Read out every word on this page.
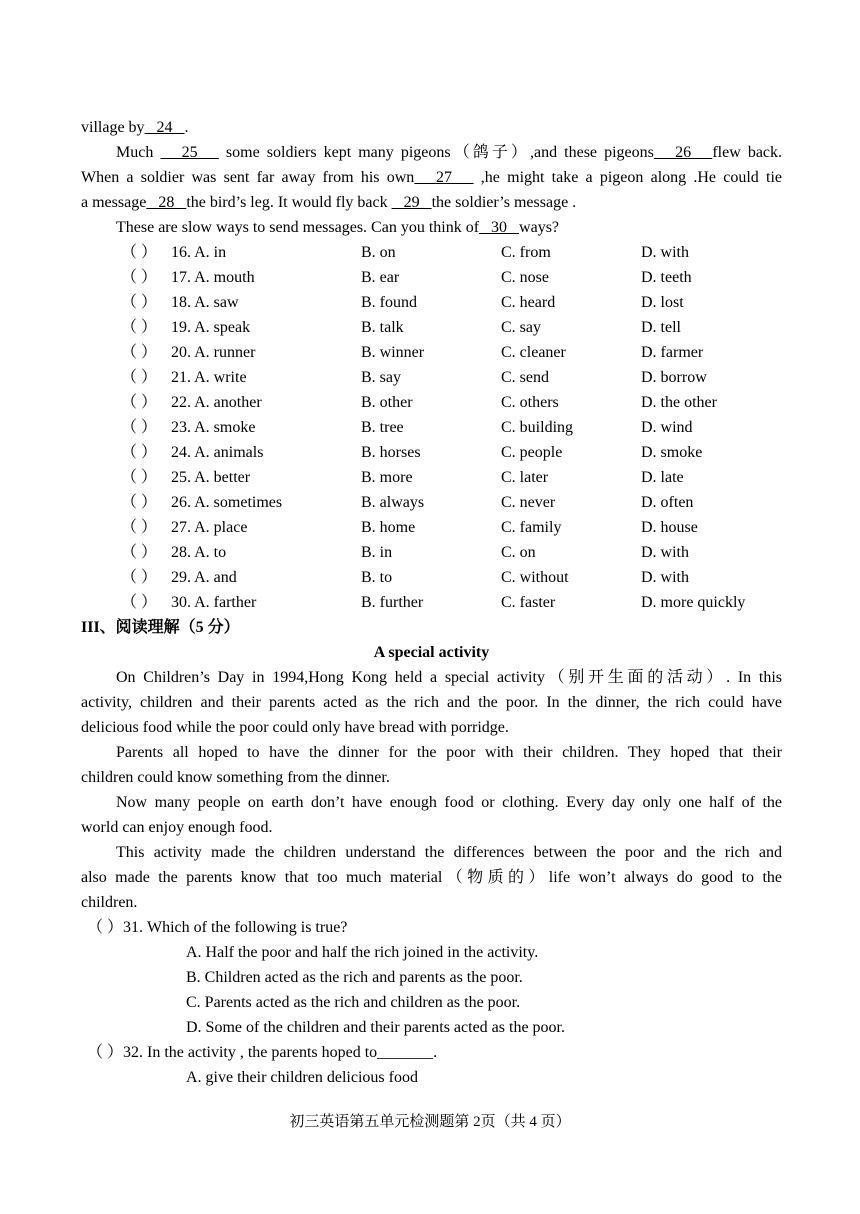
village by   24   .
Much    25    some soldiers kept many pigeons（鸽子）,and these pigeons   26   flew back.
When a soldier was sent far away from his own   27    ,he might take a pigeon along .He could tie
a message   28   the bird’s leg. It would fly back    29   the soldier’s message .
These are slow ways to send messages. Can you think of   30   ways?
（ ） 16. A. in	B. on	C. from	D. with
（ ） 17. A. mouth	B. ear	C. nose	D. teeth
（ ） 18. A. saw	B. found	C. heard	D. lost
（ ） 19. A. speak	B. talk	C. say	D. tell
（ ） 20. A. runner	B. winner	C. cleaner	D. farmer
（ ） 21. A. write	B. say	C. send	D. borrow
（ ） 22. A. another	B. other	C. others	D. the other
（ ） 23. A. smoke	B. tree	C. building	D. wind
（ ） 24. A. animals	B. horses	C. people	D. smoke
（ ） 25. A. better	B. more	C. later	D. late
（ ） 26. A. sometimes	B. always	C. never	D. often
（ ） 27. A. place	B. home	C. family	D. house
（ ） 28. A. to	B. in	C. on	D. with
（ ） 29. A. and	B. to	C. without	D. with
（ ） 30. A. farther	B. further	C. faster	D. more quickly
III、阅读理解（5 分）
A special activity
On Children’s Day in 1994,Hong Kong held a special activity（别开生面的活动）. In this
activity, children and their parents acted as the rich and the poor. In the dinner, the rich could have
delicious food while the poor could only have bread with porridge.
Parents all hoped to have the dinner for the poor with their children. They hoped that their
children could know something from the dinner.
Now many people on earth don’t have enough food or clothing. Every day only one half of the
world can enjoy enough food.
This activity made the children understand the differences between the poor and the rich and
also made the parents know that too much material（物质的）life won’t always do good to the
children.
（ ）31. Which of the following is true?
A. Half the poor and half the rich joined in the activity.
B. Children acted as the rich and parents as the poor.
C. Parents acted as the rich and children as the poor.
D. Some of the children and their parents acted as the poor.
（ ）32. In the activity , the parents hoped to_______.
A. give their children delicious food
初三英语第五单元检测题第 2页（共 4 页）
